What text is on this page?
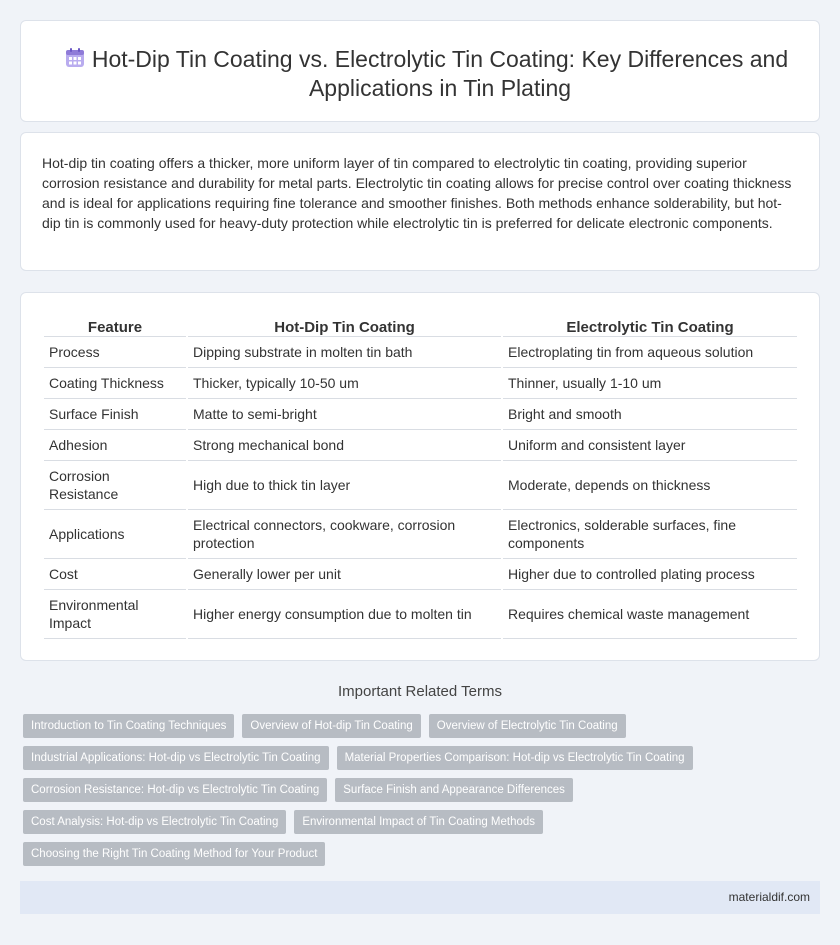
Hot-Dip Tin Coating vs. Electrolytic Tin Coating: Key Differences and Applications in Tin Plating

Hot-dip tin coating offers a thicker, more uniform layer of tin compared to electrolytic tin coating, providing superior corrosion resistance and durability for metal parts. Electrolytic tin coating allows for precise control over coating thickness and is ideal for applications requiring fine tolerance and smoother finishes. Both methods enhance solderability, but hot-dip tin is commonly used for heavy-duty protection while electrolytic tin is preferred for delicate electronic components.

Feature	Hot-Dip Tin Coating	Electrolytic Tin Coating
Process	Dipping substrate in molten tin bath	Electroplating tin from aqueous solution
Coating Thickness	Thicker, typically 10-50 um	Thinner, usually 1-10 um
Surface Finish	Matte to semi-bright	Bright and smooth
Adhesion	Strong mechanical bond	Uniform and consistent layer
Corrosion Resistance	High due to thick tin layer	Moderate, depends on thickness
Applications	Electrical connectors, cookware, corrosion protection	Electronics, solderable surfaces, fine components
Cost	Generally lower per unit	Higher due to controlled plating process
Environmental Impact	Higher energy consumption due to molten tin	Requires chemical waste management
Important Related Terms
Introduction to Tin Coating Techniques	Overview of Hot-dip Tin Coating	Overview of Electrolytic Tin Coating
Industrial Applications: Hot-dip vs Electrolytic Tin Coating	Material Properties Comparison: Hot-dip vs Electrolytic Tin Coating
Corrosion Resistance: Hot-dip vs Electrolytic Tin Coating	Surface Finish and Appearance Differences
Cost Analysis: Hot-dip vs Electrolytic Tin Coating	Environmental Impact of Tin Coating Methods
Choosing the Right Tin Coating Method for Your Product
materialdif.com
